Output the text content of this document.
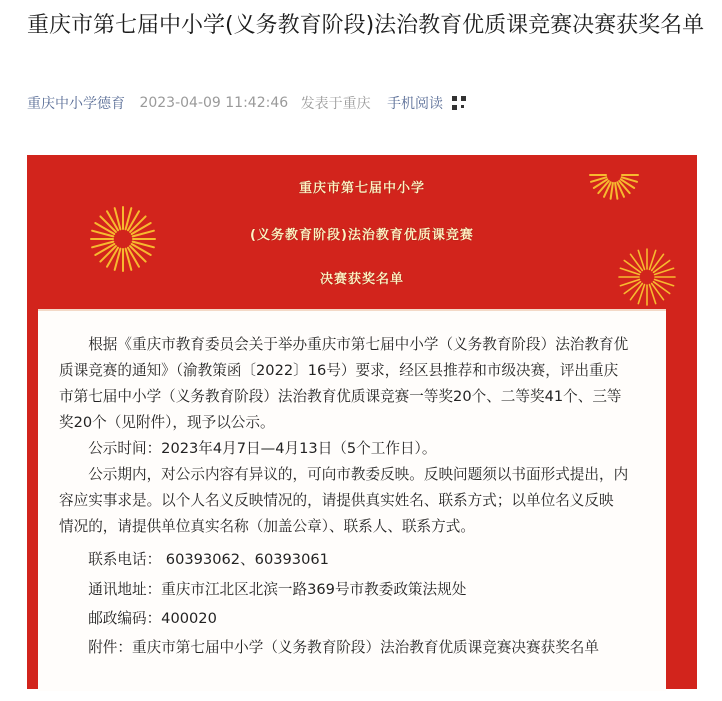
重庆市第七届中小学(义务教育阶段)法治教育优质课竞赛决赛获奖名单
重庆中小学德育 2023-04-09 11:42:46 发表于重庆 手机阅读
重庆市第七届中小学
(义务教育阶段)法治教育优质课竞赛
决赛获奖名单

根据《重庆市教育委员会关于举办重庆市第七届中小学（义务教育阶段）法治教育优

质课竞赛的通知》（渝教策函〔2022〕16号）要求，经区县推荐和市级决赛，评出重庆

市第七届中小学（义务教育阶段）法治教育优质课竞赛一等奖20个、二等奖41个、三等

奖20个（见附件），现予以公示。

公示时间：2023年4月7日—4月13日（5个工作日）。

公示期内，对公示内容有异议的，可向市教委反映。反映问题须以书面形式提出，内

容应实事求是。以个人名义反映情况的，请提供真实姓名、联系方式；以单位名义反映

情况的，请提供单位真实名称（加盖公章）、联系人、联系方式。

联系电话： 60393062、60393061

通讯地址：重庆市江北区北滨一路369号市教委政策法规处

邮政编码：400020

附件：重庆市第七届中小学（义务教育阶段）法治教育优质课竞赛决赛获奖名单
